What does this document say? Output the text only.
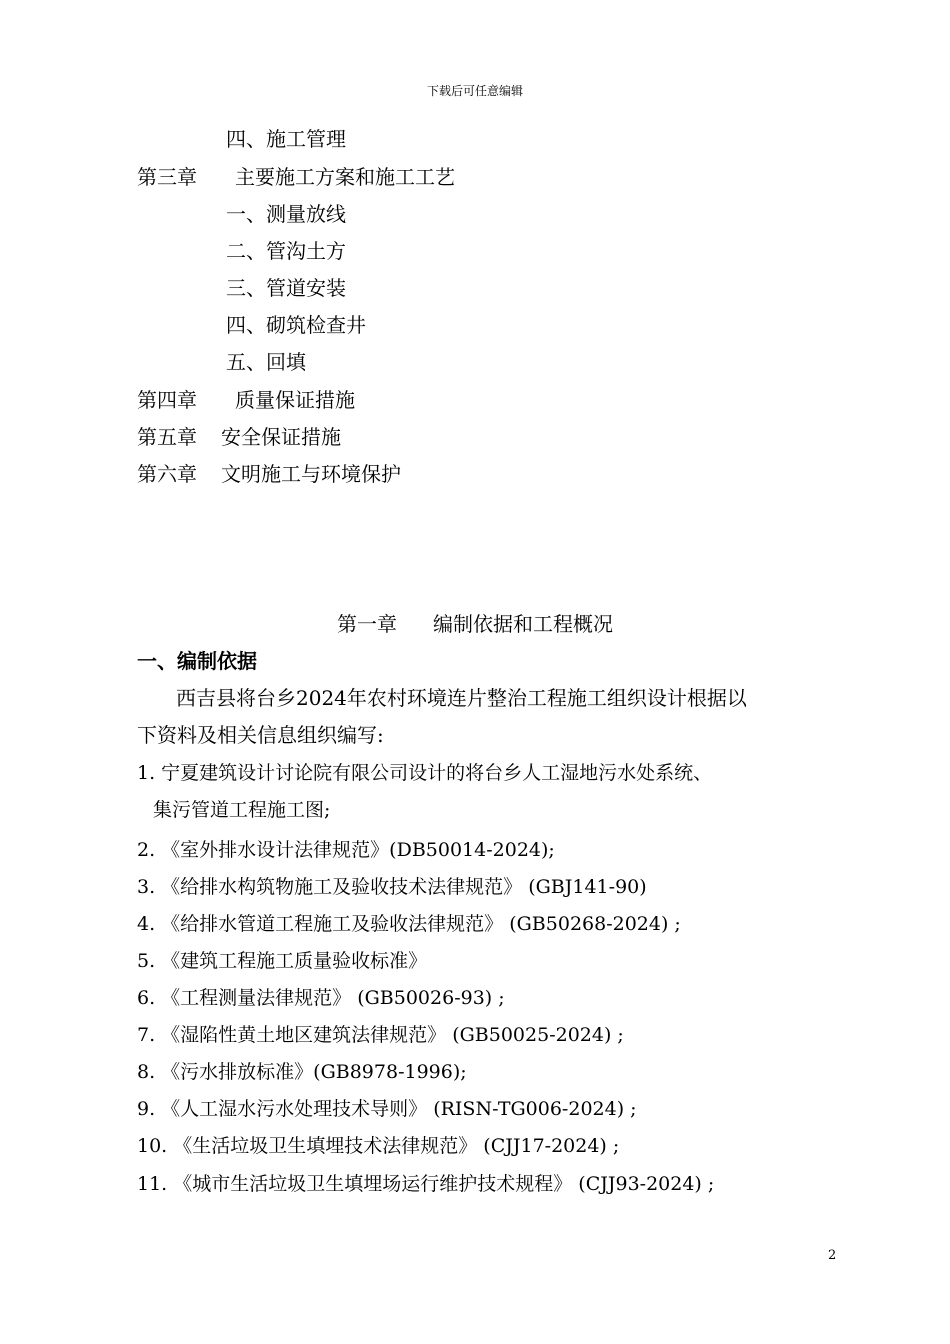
下载后可任意编辑
四、施工管理
第三章 主要施工方案和施工工艺
一、测量放线
二、管沟土方
三、管道安装
四、砌筑检查井
五、回填
第四章 质量保证措施
第五章 安全保证措施
第六章 文明施工与环境保护
第一章 编制依据和工程概况
一、编制依据
西吉县将台乡2024年农村环境连片整治工程施工组织设计根据以
下资料及相关信息组织编写:
1. 宁夏建筑设计讨论院有限公司设计的将台乡人工湿地污水处系统、
集污管道工程施工图;
2. 《室外排水设计法律规范》(DB50014-2024);
3. 《给排水构筑物施工及验收技术法律规范》 (GBJ141-90)
4. 《给排水管道工程施工及验收法律规范》 (GB50268-2024) ;
5. 《建筑工程施工质量验收标准》
6. 《工程测量法律规范》 (GB50026-93) ;
7. 《湿陷性黄土地区建筑法律规范》 (GB50025-2024) ;
8. 《污水排放标准》(GB8978-1996);
9. 《人工湿水污水处理技术导则》 (RISN-TG006-2024) ;
10. 《生活垃圾卫生填埋技术法律规范》 (CJJ17-2024) ;
11. 《城市生活垃圾卫生填埋场运行维护技术规程》 (CJJ93-2024) ;
2
